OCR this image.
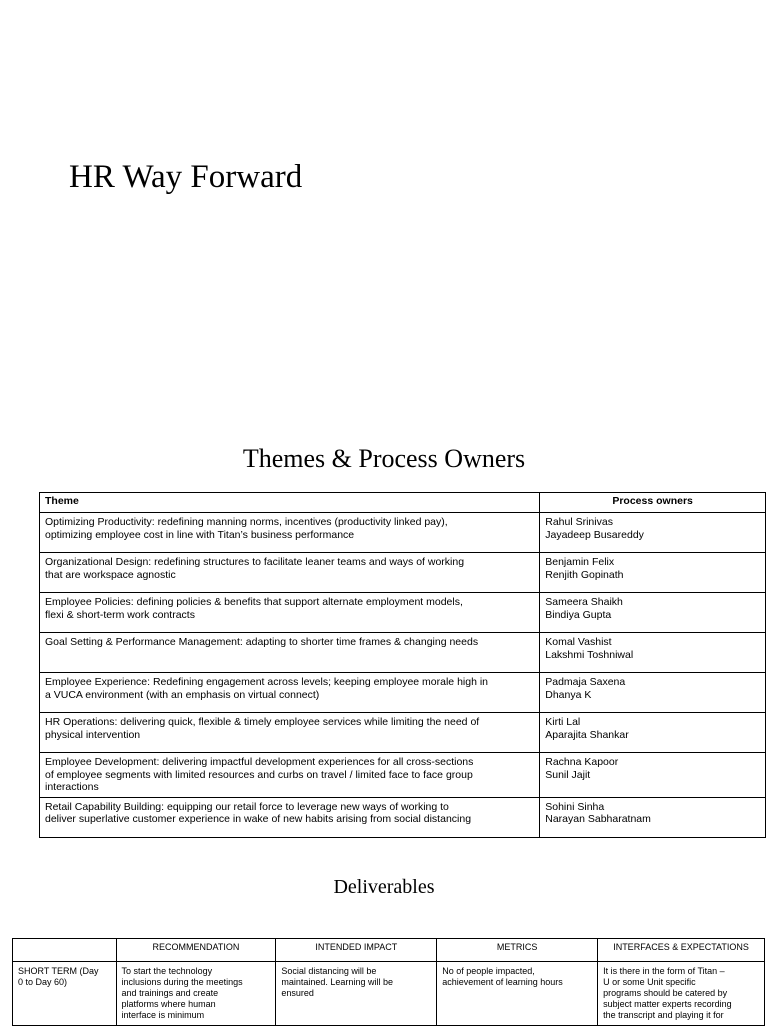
HR Way Forward
Themes & Process Owners
Theme	Process owners

Optimizing Productivity: redefining manning norms, incentives (productivity linked pay),
optimizing employee cost in line with Titan’s business performance	Rahul Srinivas
Jayadeep Busareddy

Organizational Design: redefining structures to facilitate leaner teams and ways of working
that are workspace agnostic	Benjamin Felix
Renjith Gopinath

Employee Policies: defining policies & benefits that support alternate employment models,
flexi & short-term work contracts	Sameera Shaikh
Bindiya Gupta

Goal Setting & Performance Management: adapting to shorter time frames & changing needs	Komal Vashist
Lakshmi Toshniwal

Employee Experience: Redefining engagement across levels; keeping employee morale high in
a VUCA environment (with an emphasis on virtual connect)	Padmaja Saxena
Dhanya K

HR Operations: delivering quick, flexible & timely employee services while limiting the need of
physical intervention	Kirti Lal
Aparajita Shankar

Employee Development: delivering impactful development experiences for all cross-sections
of employee segments with limited resources and curbs on travel / limited face to face group
interactions	Rachna Kapoor
Sunil Jajit

Retail Capability Building: equipping our retail force to leverage new ways of working to
deliver superlative customer experience in wake of new habits arising from social distancing	Sohini Sinha
Narayan Sabharatnam
Deliverables
	RECOMMENDATION	INTENDED IMPACT	METRICS	INTERFACES & EXPECTATIONS

SHORT TERM (Day
0 to Day 60)	To start the technology
inclusions during the meetings
and trainings and create
platforms where human
interface is minimum	Social distancing will be
maintained. Learning will be
ensured	No of people impacted,
achievement of learning hours	It is there in the form of Titan –
U or some Unit specific
programs should be catered by
subject matter experts recording
the transcript and playing it for
